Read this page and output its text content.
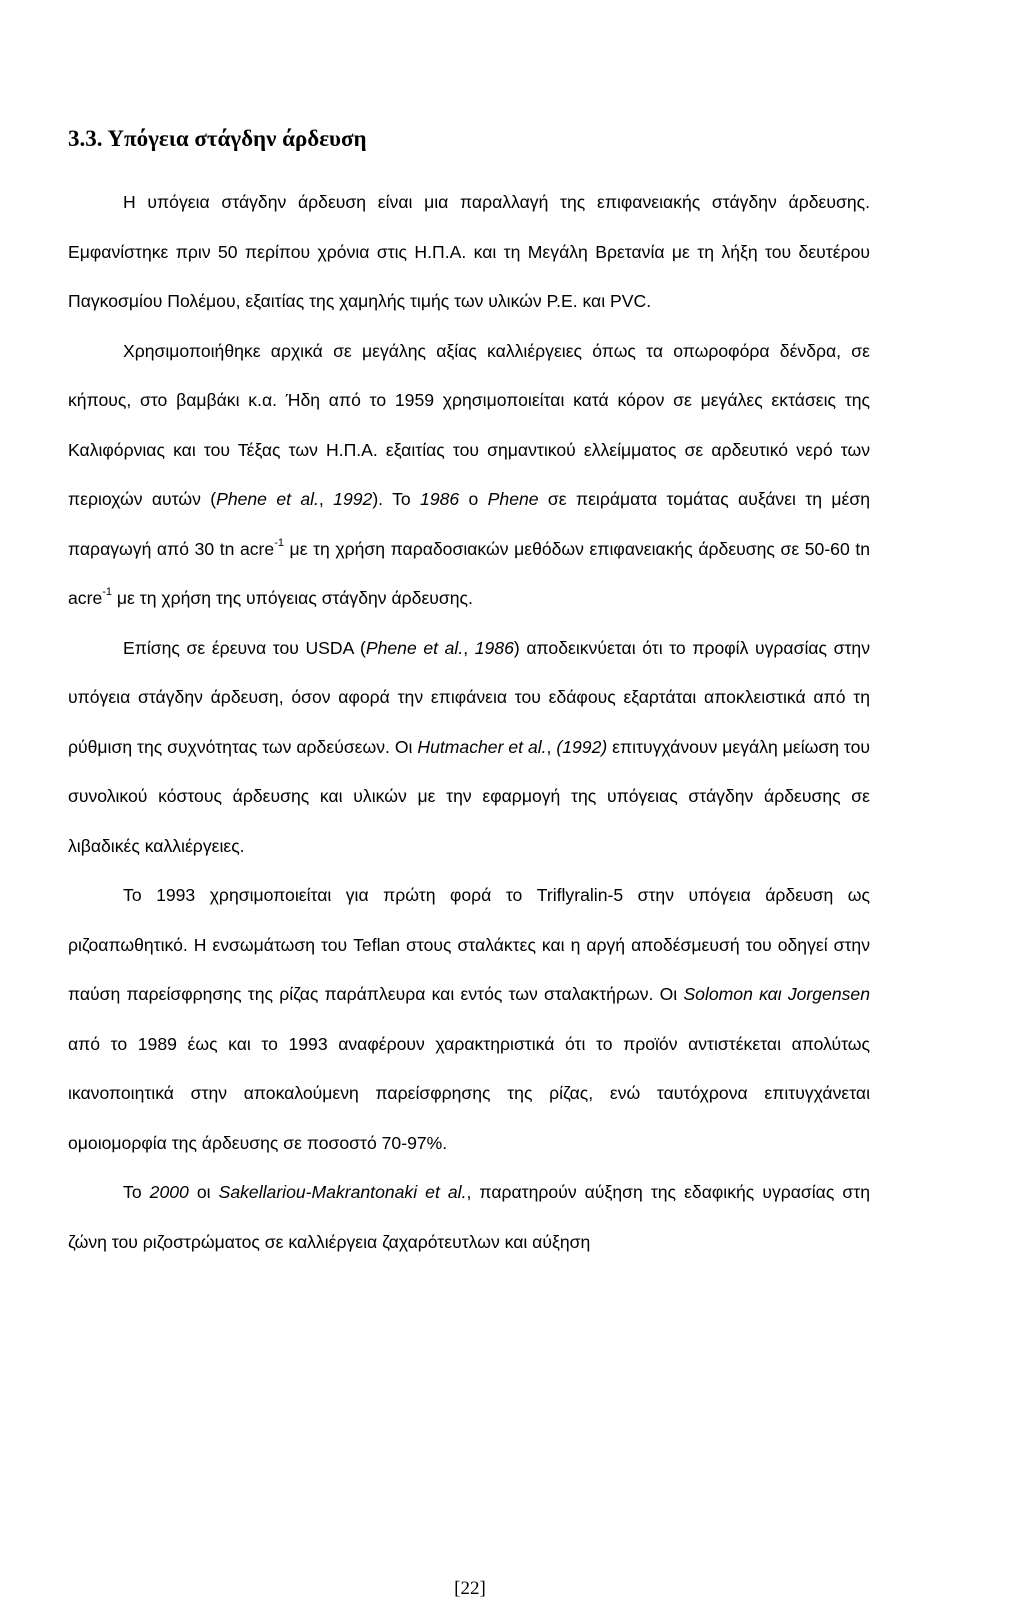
3.3. Υπόγεια στάγδην άρδευση

Η υπόγεια στάγδην άρδευση είναι μια παραλλαγή της επιφανειακής στάγδην άρδευσης. Εμφανίστηκε πριν 50 περίπου χρόνια στις Η.Π.Α. και τη Μεγάλη Βρετανία με τη λήξη του δευτέρου Παγκοσμίου Πολέμου, εξαιτίας της χαμηλής τιμής των υλικών Ρ.Ε. και PVC.

Χρησιμοποιήθηκε αρχικά σε μεγάλης αξίας καλλιέργειες όπως τα οπωροφόρα δένδρα, σε κήπους, στο βαμβάκι κ.α. Ήδη από το 1959 χρησιμοποιείται κατά κόρον σε μεγάλες εκτάσεις της Καλιφόρνιας και του Τέξας των Η.Π.Α. εξαιτίας του σημαντικού ελλείμματος σε αρδευτικό νερό των περιοχών αυτών (Phene et al., 1992). Το 1986 ο Phene σε πειράματα τομάτας αυξάνει τη μέση παραγωγή από 30 tn acre$^{-1}$ με τη χρήση παραδοσιακών μεθόδων επιφανειακής άρδευσης σε 50-60 tn acre$^{-1}$ με τη χρήση της υπόγειας στάγδην άρδευσης.

Επίσης σε έρευνα του USDA (Phene et al., 1986) αποδεικνύεται ότι το προφίλ υγρασίας στην υπόγεια στάγδην άρδευση, όσον αφορά την επιφάνεια του εδάφους εξαρτάται αποκλειστικά από τη ρύθμιση της συχνότητας των αρδεύσεων. Οι Hutmacher et al., (1992) επιτυγχάνουν μεγάλη μείωση του συνολικού κόστους άρδευσης και υλικών με την εφαρμογή της υπόγειας στάγδην άρδευσης σε λιβαδικές καλλιέργειες.

Το 1993 χρησιμοποιείται για πρώτη φορά το Triflyralin-5 στην υπόγεια άρδευση ως ριζοαπωθητικό. Η ενσωμάτωση του Teflan στους σταλάκτες και η αργή αποδέσμευσή του οδηγεί στην παύση παρείσφρησης της ρίζας παράπλευρα και εντός των σταλακτήρων. Οι Solomon και Jorgensen από το 1989 έως και το 1993 αναφέρουν χαρακτηριστικά ότι το προϊόν αντιστέκεται απολύτως ικανοποιητικά στην αποκαλούμενη παρείσφρησης της ρίζας, ενώ ταυτόχρονα επιτυγχάνεται ομοιομορφία της άρδευσης σε ποσοστό 70-97%.

Το 2000 οι Sakellariou-Makrantonaki et al., παρατηρούν αύξηση της εδαφικής υγρασίας στη ζώνη του ριζοστρώματος σε καλλιέργεια ζαχαρότευτλων και αύξηση

[22]
